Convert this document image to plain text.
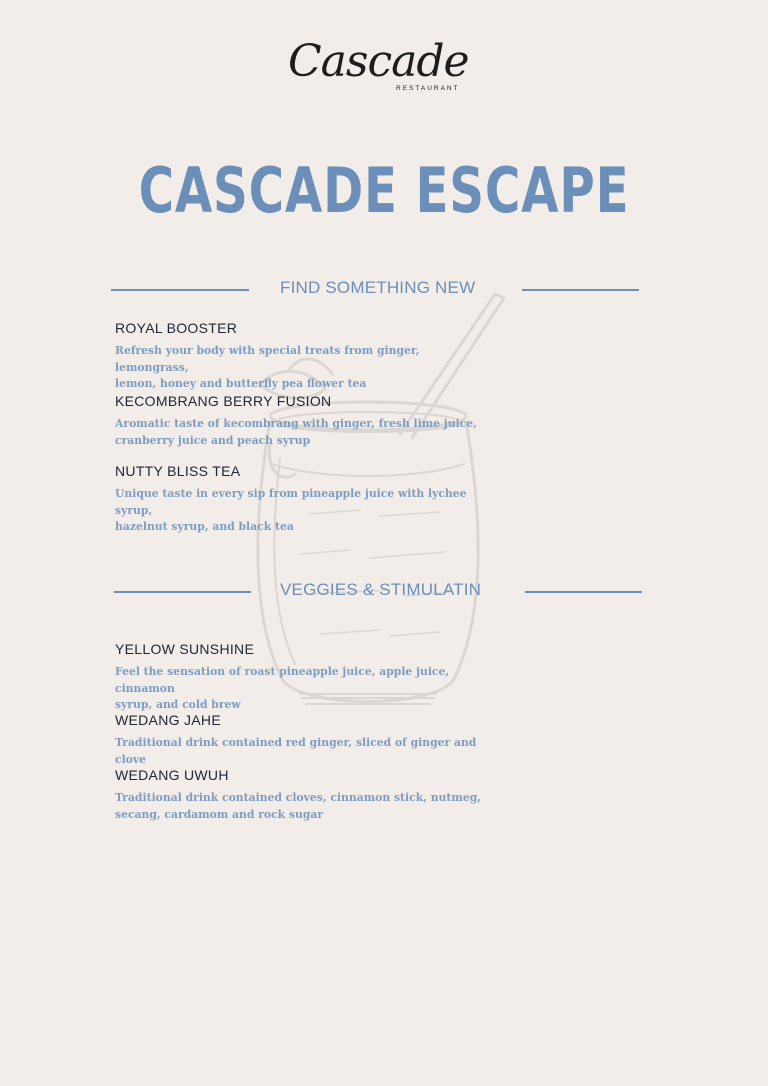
Cascade
RESTAURANT
CASCADE ESCAPE
FIND SOMETHING NEW

ROYAL BOOSTER

Refresh your body with special treats from ginger, lemongrass,
lemon, honey and butterfly pea flower tea

KECOMBRANG BERRY FUSION

Aromatic taste of kecombrang with ginger, fresh lime juice,
cranberry juice and peach syrup

NUTTY BLISS TEA

Unique taste in every sip from pineapple juice with lychee syrup,
hazelnut syrup, and black tea

VEGGIES & STIMULATIN

YELLOW SUNSHINE

Feel the sensation of roast pineapple juice, apple juice, cinnamon
syrup, and cold brew

WEDANG JAHE

Traditional drink contained red ginger, sliced of ginger and clove

WEDANG UWUH

Traditional drink contained cloves, cinnamon stick, nutmeg,
secang, cardamom and rock sugar
